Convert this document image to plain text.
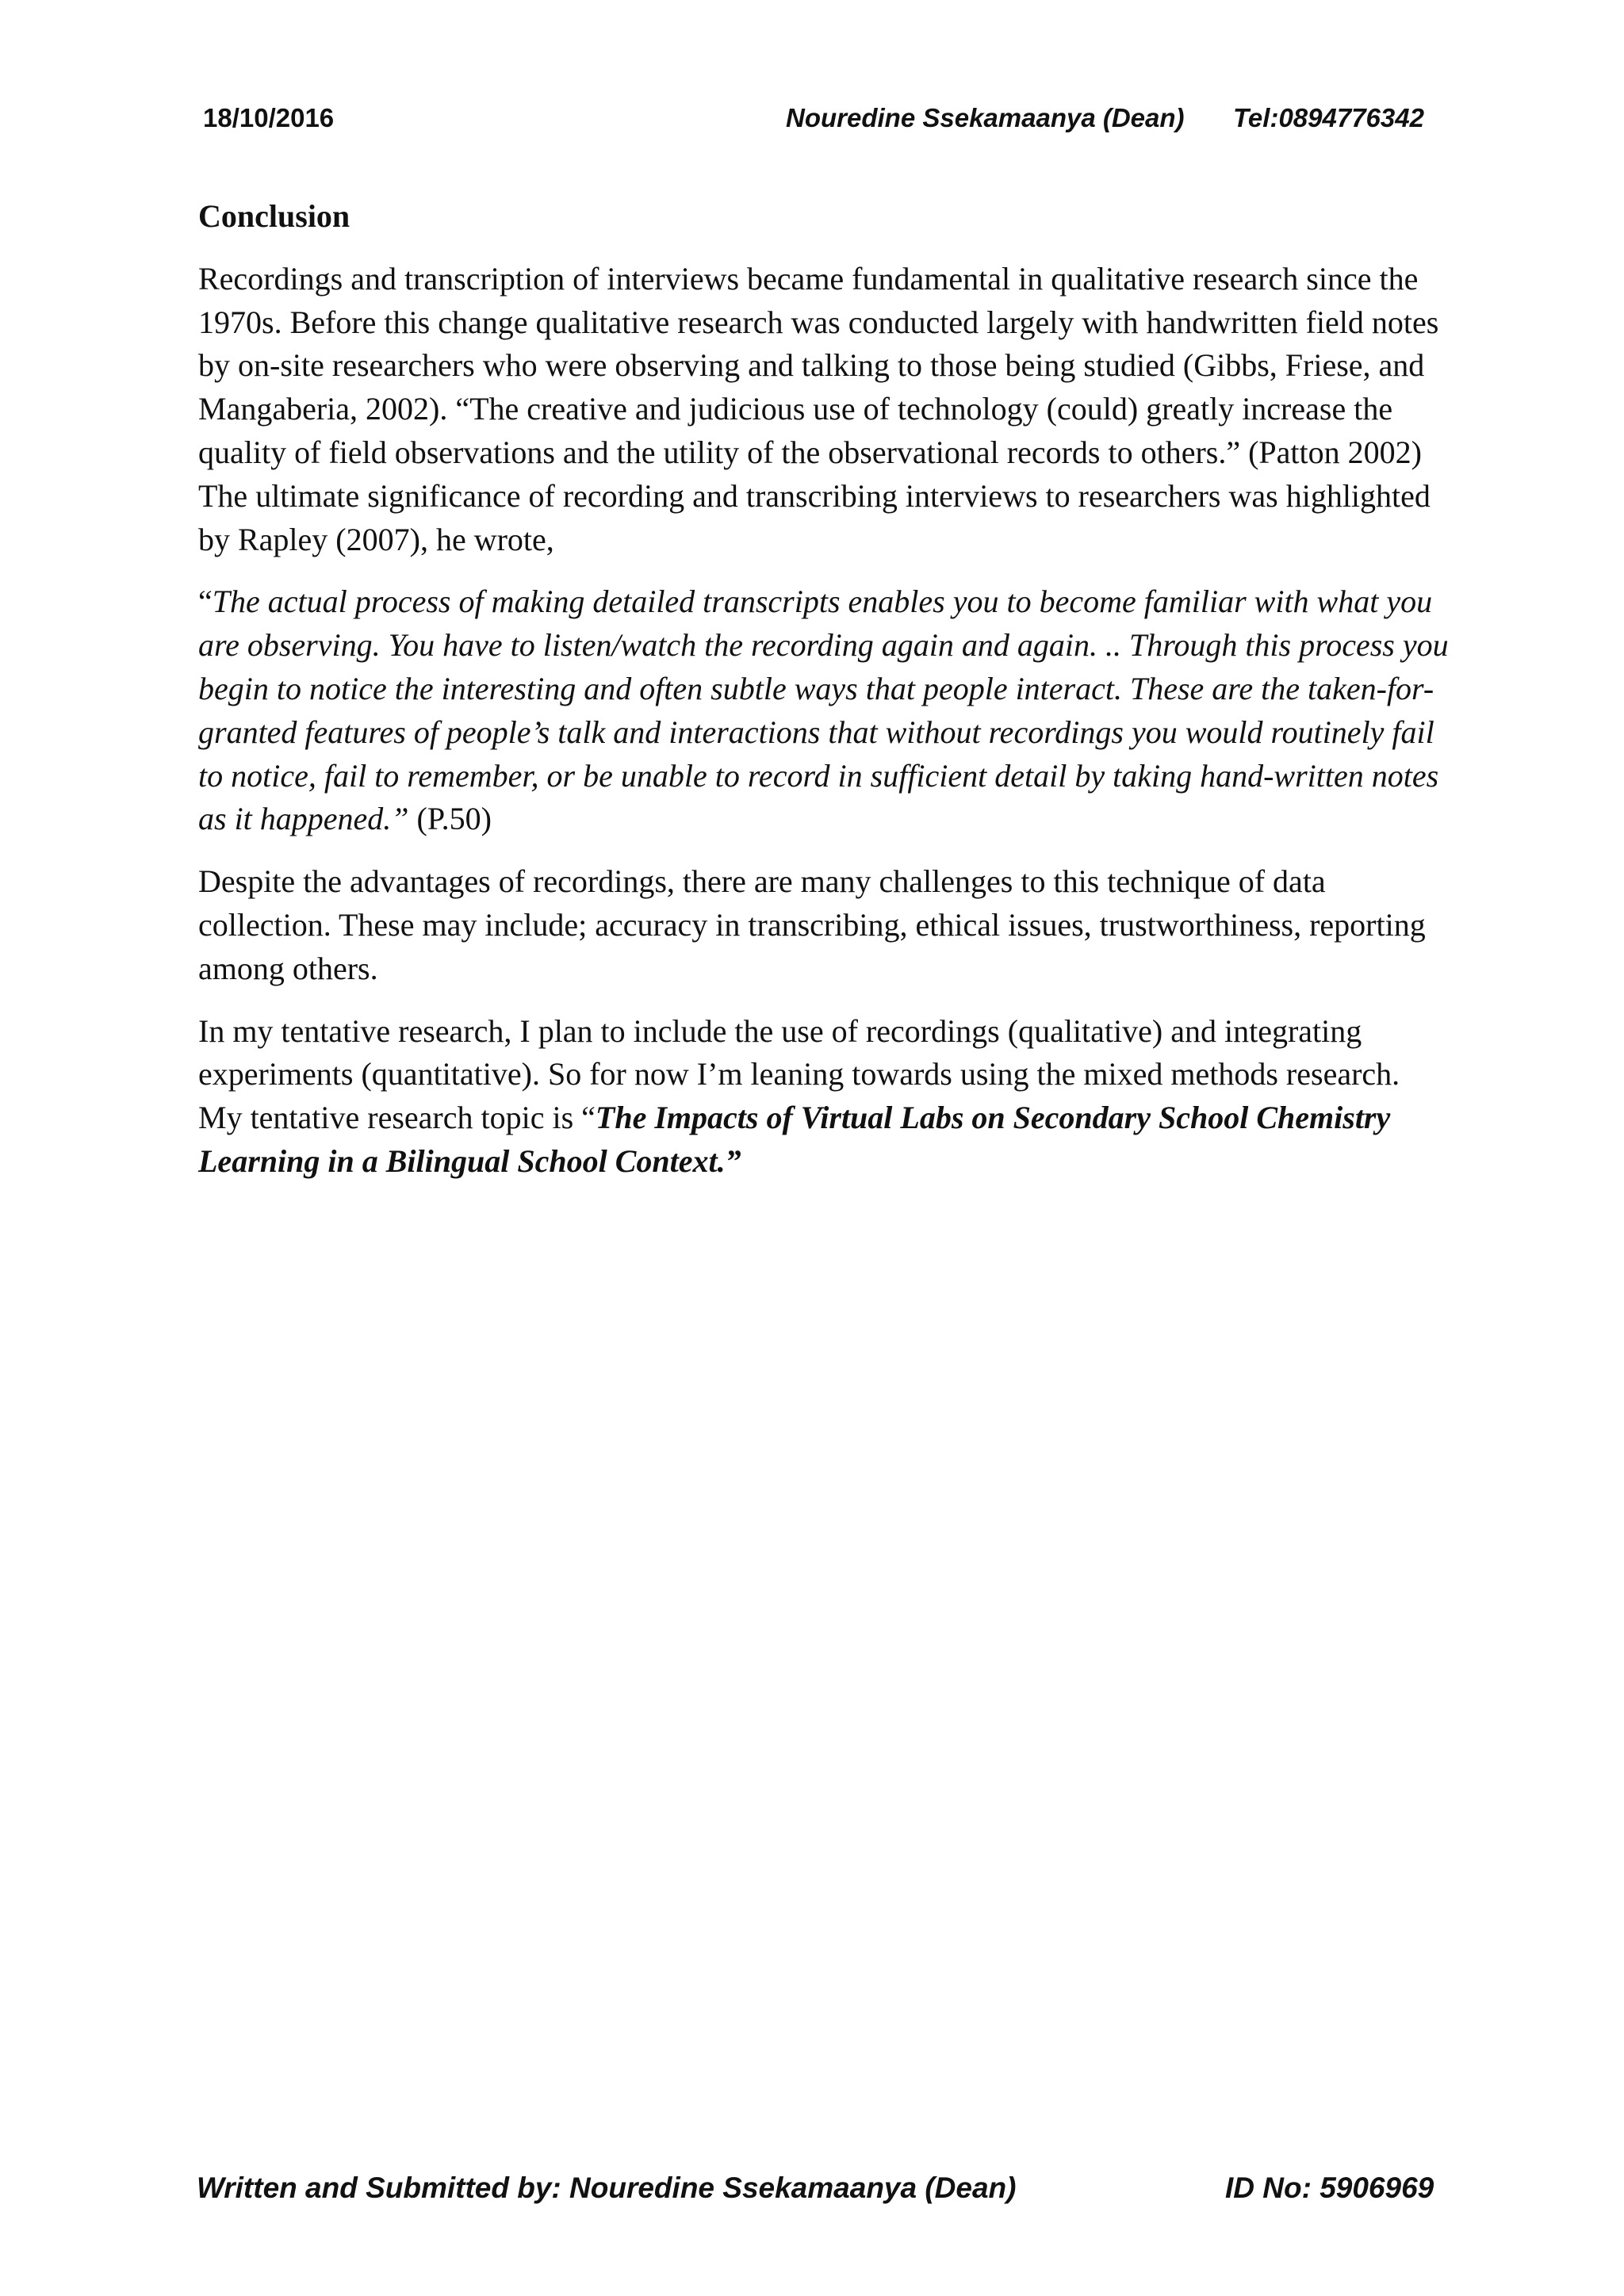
18/10/2016	Nouredine Ssekamaanya (Dean) Tel:0894776342
Conclusion

Recordings and transcription of interviews became fundamental in qualitative research since the 1970s. Before this change qualitative research was conducted largely with handwritten field notes by on-site researchers who were observing and talking to those being studied (Gibbs, Friese, and Mangaberia, 2002). “The creative and judicious use of technology (could) greatly increase the quality of field observations and the utility of the observational records to others.” (Patton 2002) The ultimate significance of recording and transcribing interviews to researchers was highlighted by Rapley (2007), he wrote,

“The actual process of making detailed transcripts enables you to become familiar with what you are observing. You have to listen/watch the recording again and again. .. Through this process you begin to notice the interesting and often subtle ways that people interact. These are the taken-for-granted features of people’s talk and interactions that without recordings you would routinely fail to notice, fail to remember, or be unable to record in sufficient detail by taking hand-written notes as it happened.” (P.50)

Despite the advantages of recordings, there are many challenges to this technique of data collection. These may include; accuracy in transcribing, ethical issues, trustworthiness, reporting among others.

In my tentative research, I plan to include the use of recordings (qualitative) and integrating experiments (quantitative). So for now I’m leaning towards using the mixed methods research. My tentative research topic is “The Impacts of Virtual Labs on Secondary School Chemistry Learning in a Bilingual School Context.”

Written and Submitted by: Nouredine Ssekamaanya (Dean)	ID No: 5906969
